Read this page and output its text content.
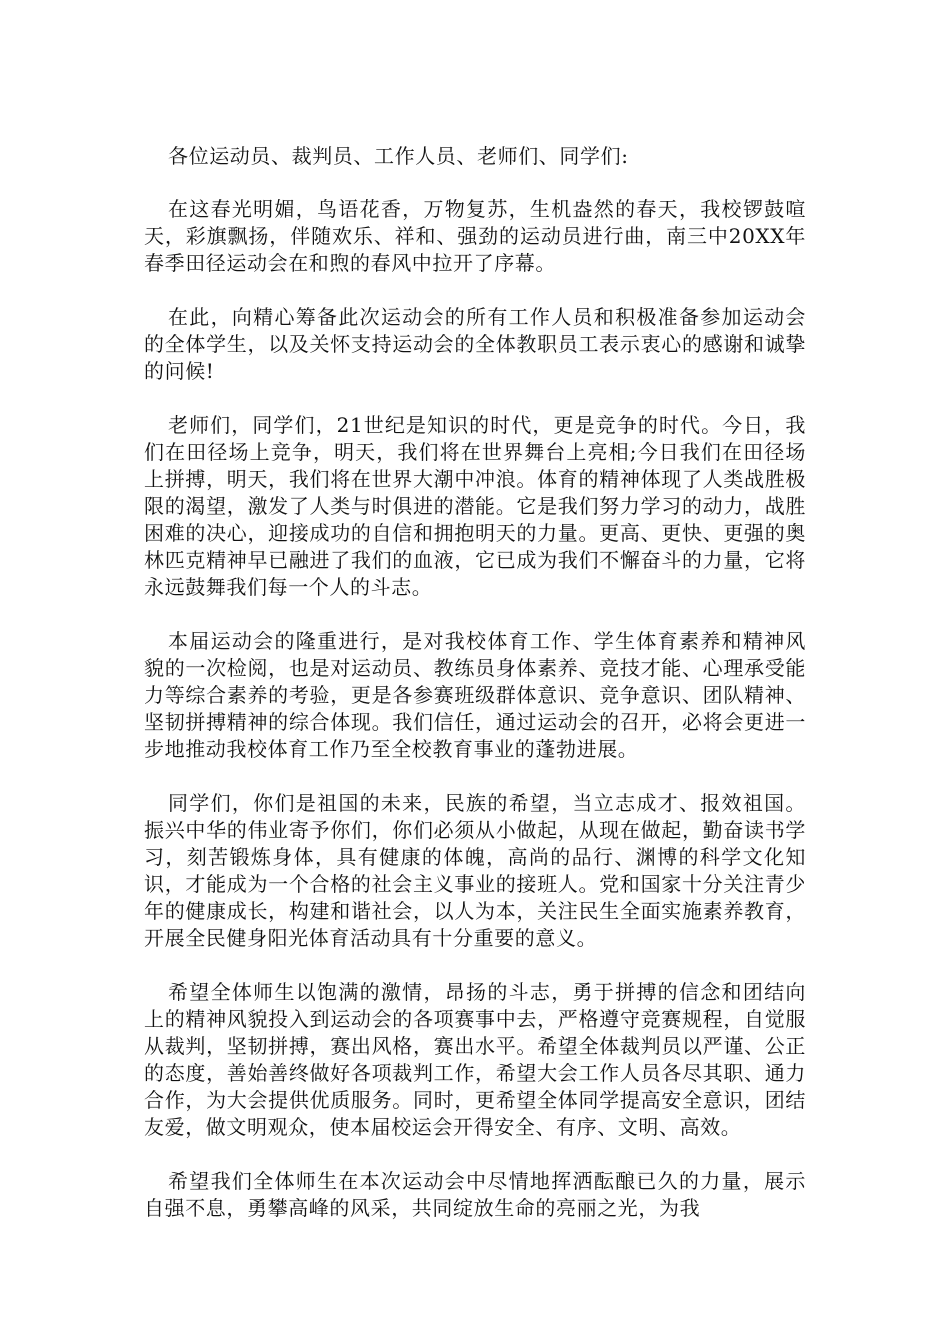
各位运动员、裁判员、工作人员、老师们、同学们:

在这春光明媚，鸟语花香，万物复苏，生机盎然的春天，我校锣鼓喧天，彩旗飘扬，伴随欢乐、祥和、强劲的运动员进行曲，南三中20XX年春季田径运动会在和煦的春风中拉开了序幕。

在此，向精心筹备此次运动会的所有工作人员和积极准备参加运动会的全体学生，以及关怀支持运动会的全体教职员工表示衷心的感谢和诚挚的问候!

老师们，同学们，21世纪是知识的时代，更是竞争的时代。今日，我们在田径场上竞争，明天，我们将在世界舞台上亮相;今日我们在田径场上拼搏，明天，我们将在世界大潮中冲浪。体育的精神体现了人类战胜极限的渴望，激发了人类与时俱进的潜能。它是我们努力学习的动力，战胜困难的决心，迎接成功的自信和拥抱明天的力量。更高、更快、更强的奥林匹克精神早已融进了我们的血液，它已成为我们不懈奋斗的力量，它将永远鼓舞我们每一个人的斗志。

本届运动会的隆重进行，是对我校体育工作、学生体育素养和精神风貌的一次检阅，也是对运动员、教练员身体素养、竞技才能、心理承受能力等综合素养的考验，更是各参赛班级群体意识、竞争意识、团队精神、坚韧拼搏精神的综合体现。我们信任，通过运动会的召开，必将会更进一步地推动我校体育工作乃至全校教育事业的蓬勃进展。

同学们，你们是祖国的未来，民族的希望，当立志成才、报效祖国。振兴中华的伟业寄予你们，你们必须从小做起，从现在做起，勤奋读书学习，刻苦锻炼身体，具有健康的体魄，高尚的品行、渊博的科学文化知识，才能成为一个合格的社会主义事业的接班人。党和国家十分关注青少年的健康成长，构建和谐社会，以人为本，关注民生全面实施素养教育，开展全民健身阳光体育活动具有十分重要的意义。

希望全体师生以饱满的激情，昂扬的斗志，勇于拼搏的信念和团结向上的精神风貌投入到运动会的各项赛事中去，严格遵守竞赛规程，自觉服从裁判，坚韧拼搏，赛出风格，赛出水平。希望全体裁判员以严谨、公正的态度，善始善终做好各项裁判工作，希望大会工作人员各尽其职、通力合作，为大会提供优质服务。同时，更希望全体同学提高安全意识，团结友爱，做文明观众，使本届校运会开得安全、有序、文明、高效。

希望我们全体师生在本次运动会中尽情地挥洒酝酿已久的力量，展示自强不息，勇攀高峰的风采，共同绽放生命的亮丽之光，为我
